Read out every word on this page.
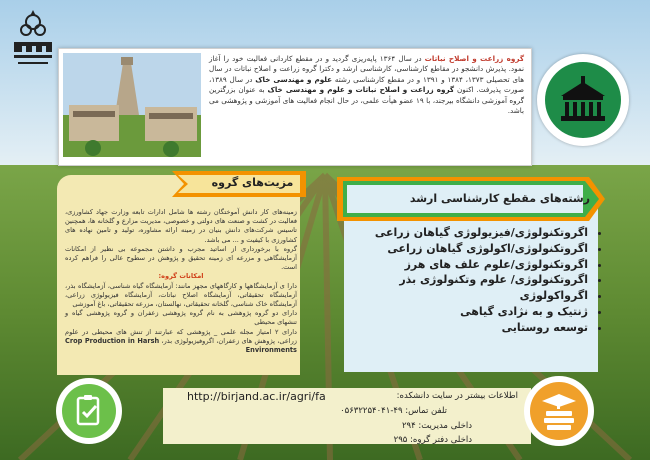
گروه زراعت و اصلاح نباتات در سال ۱۳۶۴ پایه‌ریزی گردید و در مقطع کاردانی فعالیت خود را آغاز نمود. پذیرش دانشجو در مقاطع کارشناسی، کارشناسی ارشد و دکترا گروه زراعت و اصلاح نباتات در سال های تحصیلی ۱۳۷۳، ۱۳۸۴ و ۱۳۹۱ و در مقطع کارشناسی رشته علوم و مهندسی خاک در سال ۱۳۸۹، صورت پذیرفت. اکنون گروه زراعت و اصلاح نباتات و علوم و مهندسی خاک به عنوان بزرگترین گروه آموزشی دانشگاه بیرجند، با ۱۹ عضو هیأت علمی، در حال انجام فعالیت های آموزشی و پژوهشی می باشد.
مزیت‌های گروه
زمینه‌های کار دانش آموختگان رشته ها شامل ادارات تابعه وزارت جهاد کشاورزی، فعالیت در کشت و صنعت های دولتی و خصوصی، مدیریت مزارع و گلخانه ها، همچنین تاسیس شرکت‌های دانش بنیان در زمینه ارائه مشاوره، تولید و تامین نهاده های کشاورزی با کیفیت و ... می باشد.
گروه با برخورداری از اساتید مجرب و داشتن مجموعه بی نظیر از امکانات آزمایشگاهی و مزرعه ای زمینه تحقیق و پژوهش در سطوح عالی را فراهم کرده است.
امکانات گروه:
دارا ی آزمایشگاهها و کارگاههای مجهز مانند: آزمایشگاه گیاه شناسی، آزمایشگاه بذر، آزمایشگاه تحقیقاتی، آزمایشگاه اصلاح نباتات، آزمایشگاه فیزیولوژی زراعی، آزمایشگاه خاک شناسی، گلخانه تحقیقاتی، نهالستان، مزرعه تحقیقاتی، باغ آموزشی
دارای دو گروه پژوهشی به نام گروه پژوهشی زعفران و گروه پژوهشی گیاه و تنشهای محیطی
دارای ۲ امتیاز مجله علمی _ پژوهشی که عبارتند از تنش های محیطی در علوم زراعی، پژوهش های زعفران، اگروفیزیولوژی بذر، Crop Production in Harsh Environments
رشته‌های مقطع کارشناسی ارشد
• اگروتکنولوژی/فیزیولوژی گیاهان زراعی
• اگروتکنولوژی/اکولوژی گیاهان زراعی
• اگروتکنولوژی/علوم علف های هرز
• اگروتکنولوژی/ علوم وتکنولوژی بذر
• اگرواکولوژی
• ژنتیک و به نژادی گیاهی
• توسعه روستایی
اطلاعات بیشتر در سایت دانشکده:
http://birjand.ac.ir/agri/fa
تلفن تماس: ۴۹-۰۵۶۳۲۲۵۴۰۴۱
داخلی مدیریت: ۲۹۴
داخلی دفتر گروه: ۲۹۵
